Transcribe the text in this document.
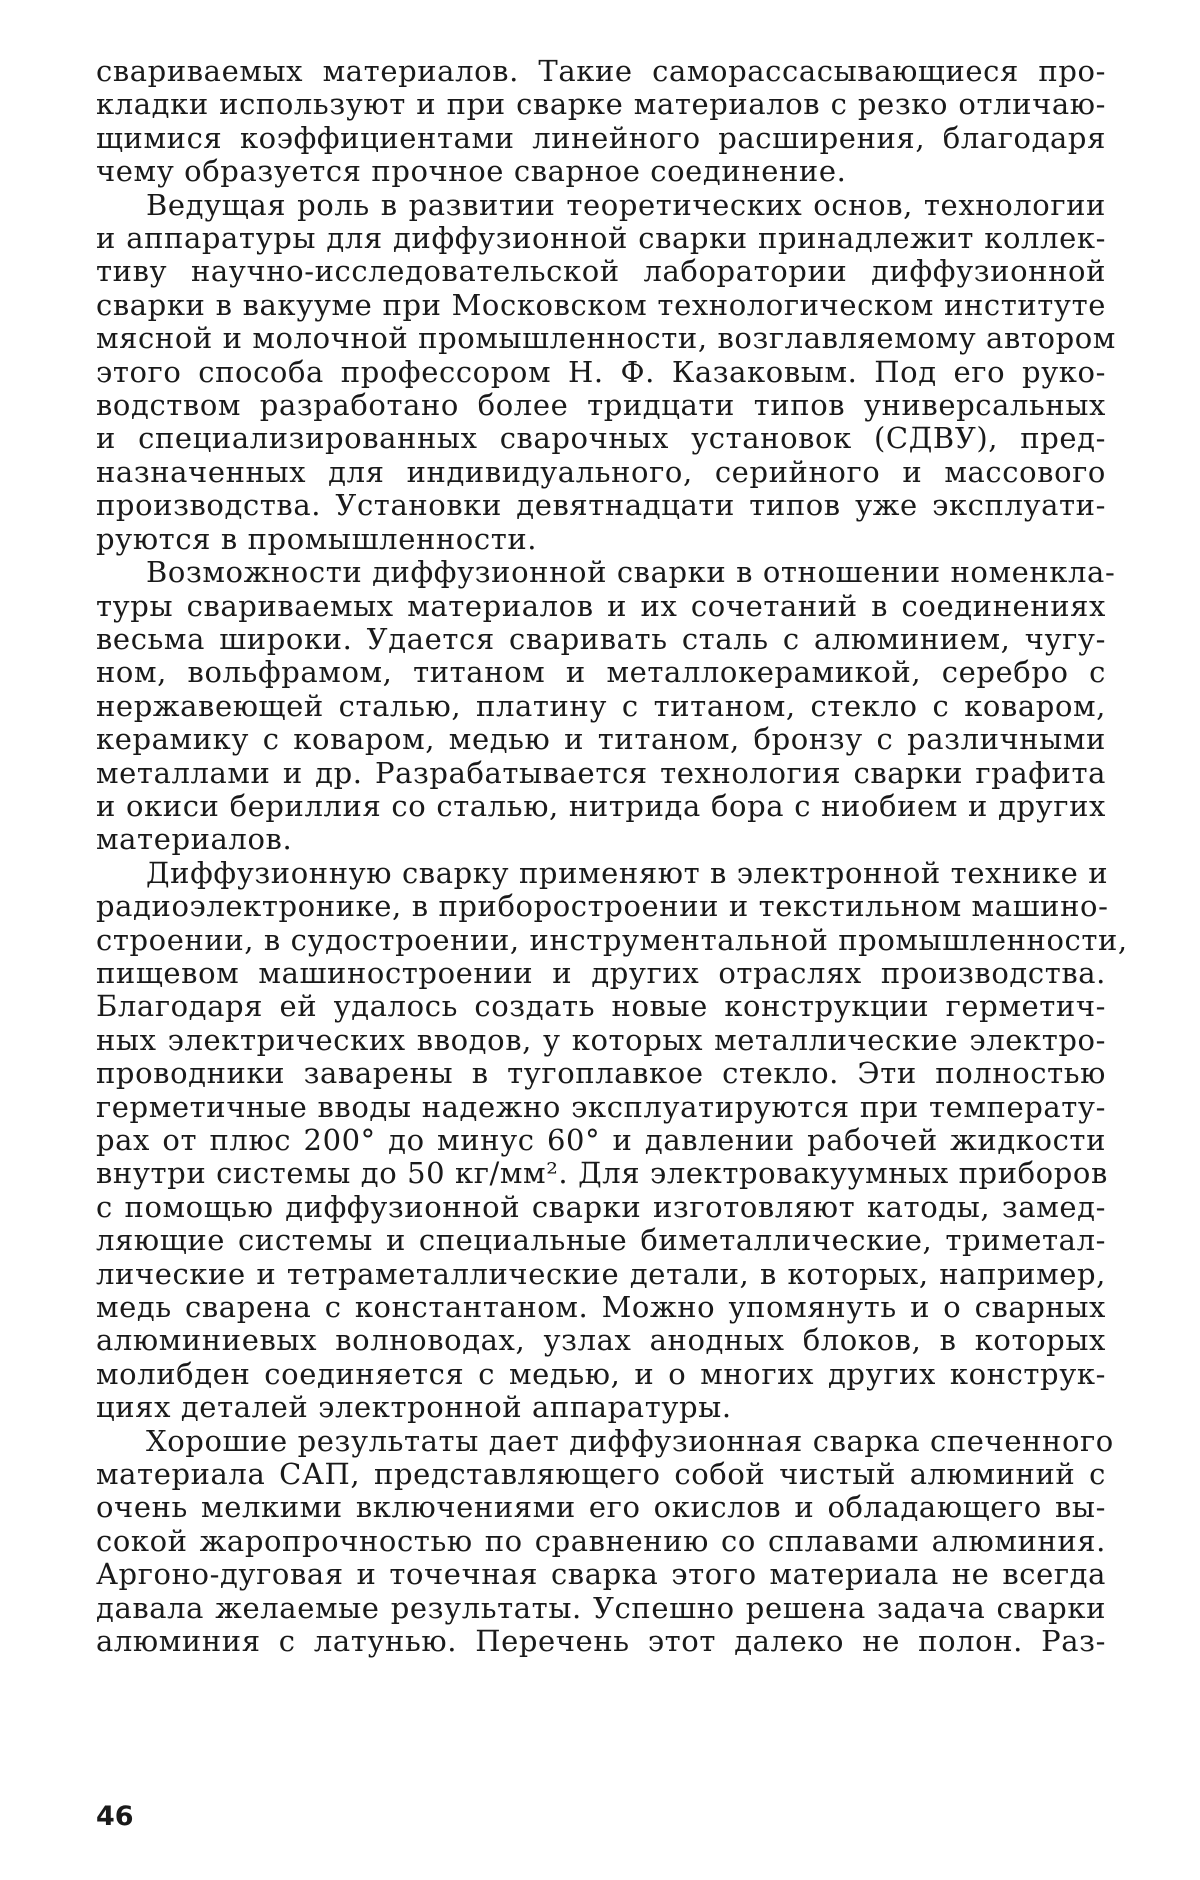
свариваемых материалов. Такие саморассасывающиеся про-
кладки используют и при сварке материалов с резко отличаю-
щимися коэффициентами линейного расширения, благодаря
чему образуется прочное сварное соединение.
Ведущая роль в развитии теоретических основ, технологии
и аппаратуры для диффузионной сварки принадлежит коллек-
тиву научно-исследовательской лаборатории диффузионной
сварки в вакууме при Московском технологическом институте
мясной и молочной промышленности, возглавляемому автором
этого способа профессором Н. Ф. Казаковым. Под его руко-
водством разработано более тридцати типов универсальных
и специализированных сварочных установок (СДВУ), пред-
назначенных для индивидуального, серийного и массового
производства. Установки девятнадцати типов уже эксплуати-
руются в промышленности.
Возможности диффузионной сварки в отношении номенкла-
туры свариваемых материалов и их сочетаний в соединениях
весьма широки. Удается сваривать сталь с алюминием, чугу-
ном, вольфрамом, титаном и металлокерамикой, серебро с
нержавеющей сталью, платину с титаном, стекло с коваром,
керамику с коваром, медью и титаном, бронзу с различными
металлами и др. Разрабатывается технология сварки графита
и окиси бериллия со сталью, нитрида бора с ниобием и других
материалов.
Диффузионную сварку применяют в электронной технике и
радиоэлектронике, в приборостроении и текстильном машино-
строении, в судостроении, инструментальной промышленности,
пищевом машиностроении и других отраслях производства.
Благодаря ей удалось создать новые конструкции герметич-
ных электрических вводов, у которых металлические электро-
проводники заварены в тугоплавкое стекло. Эти полностью
герметичные вводы надежно эксплуатируются при температу-
рах от плюс 200° до минус 60° и давлении рабочей жидкости
внутри системы до 50 кг/мм². Для электровакуумных приборов
с помощью диффузионной сварки изготовляют катоды, замед-
ляющие системы и специальные биметаллические, триметал-
лические и тетраметаллические детали, в которых, например,
медь сварена с константаном. Можно упомянуть и о сварных
алюминиевых волноводах, узлах анодных блоков, в которых
молибден соединяется с медью, и о многих других конструк-
циях деталей электронной аппаратуры.
Хорошие результаты дает диффузионная сварка спеченного
материала САП, представляющего собой чистый алюминий с
очень мелкими включениями его окислов и обладающего вы-
сокой жаропрочностью по сравнению со сплавами алюминия.
Аргоно-дуговая и точечная сварка этого материала не всегда
давала желаемые результаты. Успешно решена задача сварки
алюминия с латунью. Перечень этот далеко не полон. Раз-
46
